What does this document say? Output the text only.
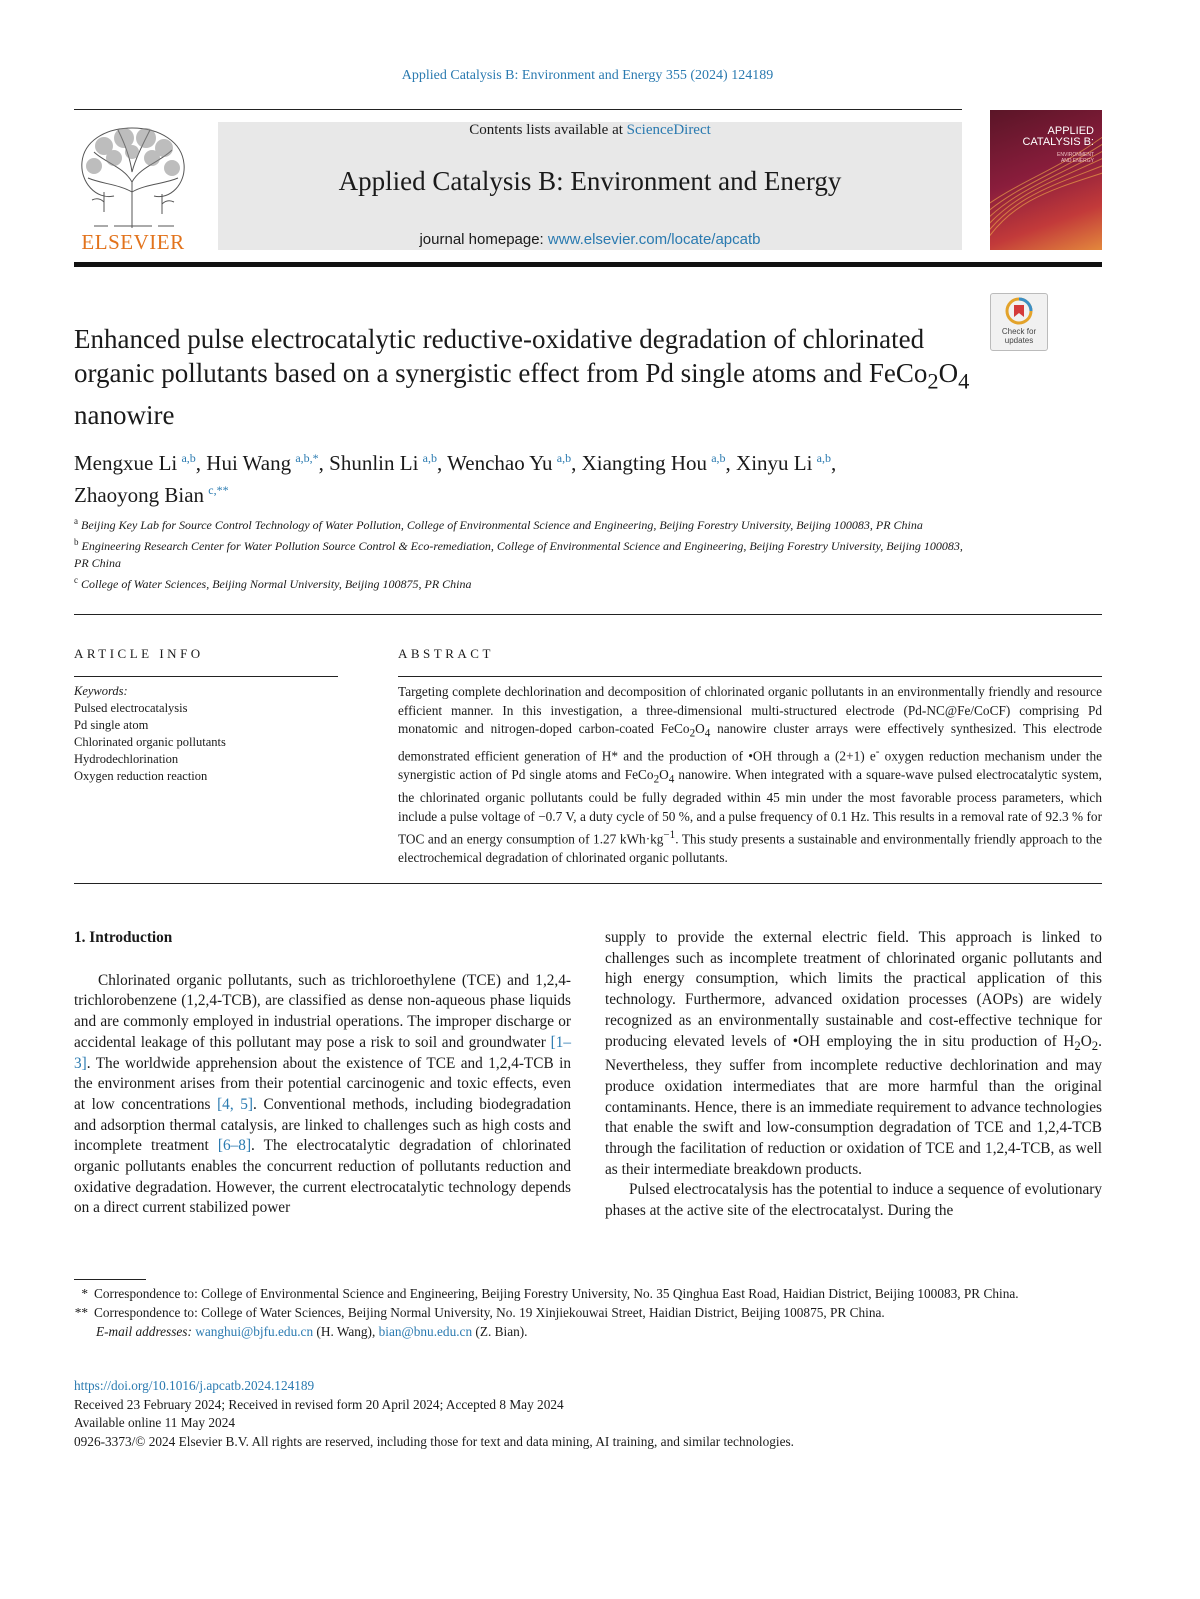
Applied Catalysis B: Environment and Energy 355 (2024) 124189
ELSEVIER
Contents lists available at ScienceDirect
Applied Catalysis B: Environment and Energy
journal homepage: www.elsevier.com/locate/apcatb
APPLIED
CATALYSIS B:
ENVIRONMENT
AND ENERGY
Check for
updates
Enhanced pulse electrocatalytic reductive-oxidative degradation of chlorinated organic pollutants based on a synergistic effect from Pd single atoms and $FeCo_2O_4$ nanowire
Mengxue Li  $^{a,b}$, Hui Wang  $^{a,b,*}$, Shunlin Li  $^{a,b}$, Wenchao Yu  $^{a,b}$, Xiangting Hou  $^{a,b}$, Xinyu Li  $^{a,b}$,
Zhaoyong Bian  $^{c,**}$
$^a$ Beijing Key Lab for Source Control Technology of Water Pollution, College of Environmental Science and Engineering, Beijing Forestry University, Beijing 100083, PR China
$^b$ Engineering Research Center for Water Pollution Source Control & Eco-remediation, College of Environmental Science and Engineering, Beijing Forestry University, Beijing 100083, PR China
$^c$ College of Water Sciences, Beijing Normal University, Beijing 100875, PR China
ARTICLE INFO
Keywords:
Pulsed electrocatalysis
Pd single atom
Chlorinated organic pollutants
Hydrodechlorination
Oxygen reduction reaction
ABSTRACT
Targeting complete dechlorination and decomposition of chlorinated organic pollutants in an environmentally friendly and resource efficient manner. In this investigation, a three-dimensional multi-structured electrode (Pd-NC@Fe/CoCF) comprising Pd monatomic and nitrogen-doped carbon-coated $FeCo_2O_4$ nanowire cluster arrays were effectively synthesized. This electrode demonstrated efficient generation of H* and the production of •OH through a (2+1) e- oxygen reduction mechanism under the synergistic action of Pd single atoms and $FeCo_2O_4$ nanowire. When integrated with a square-wave pulsed electrocatalytic system, the chlorinated organic pollutants could be fully degraded within 45 min under the most favorable process parameters, which include a pulse voltage of −0.7 V, a duty cycle of 50 %, and a pulse frequency of 0.1 Hz. This results in a removal rate of 92.3 % for TOC and an energy consumption of 1.27 $kWh\cdot kg^{-1}$. This study presents a sustainable and environmentally friendly approach to the electrochemical degradation of chlorinated organic pollutants.

1. Introduction

Chlorinated organic pollutants, such as trichloroethylene (TCE) and 1,2,4-trichlorobenzene (1,2,4-TCB), are classified as dense non-aqueous phase liquids and are commonly employed in industrial operations. The improper discharge or accidental leakage of this pollutant may pose a risk to soil and groundwater [1–3]. The worldwide apprehension about the existence of TCE and 1,2,4-TCB in the environment arises from their potential carcinogenic and toxic effects, even at low concentrations [4, 5]. Conventional methods, including biodegradation and adsorption thermal catalysis, are linked to challenges such as high costs and incomplete treatment [6–8]. The electrocatalytic degradation of chlorinated organic pollutants enables the concurrent reduction of pollutants reduction and oxidative degradation. However, the current electrocatalytic technology depends on a direct current stabilized power

supply to provide the external electric field. This approach is linked to challenges such as incomplete treatment of chlorinated organic pollutants and high energy consumption, which limits the practical application of this technology. Furthermore, advanced oxidation processes (AOPs) are widely recognized as an environmentally sustainable and cost-effective technique for producing elevated levels of •OH employing the in situ production of $H_2O_2$. Nevertheless, they suffer from incomplete reductive dechlorination and may produce oxidation intermediates that are more harmful than the original contaminants. Hence, there is an immediate requirement to advance technologies that enable the swift and low-consumption degradation of TCE and 1,2,4-TCB through the facilitation of reduction or oxidation of TCE and 1,2,4-TCB, as well as their intermediate breakdown products.

Pulsed electrocatalysis has the potential to induce a sequence of evolutionary phases at the active site of the electrocatalyst. During the

* Correspondence to: College of Environmental Science and Engineering, Beijing Forestry University, No. 35 Qinghua East Road, Haidian District, Beijing 100083, PR China.
** Correspondence to: College of Water Sciences, Beijing Normal University, No. 19 Xinjiekouwai Street, Haidian District, Beijing 100875, PR China.
E-mail addresses: wanghui@bjfu.edu.cn (H. Wang), bian@bnu.edu.cn (Z. Bian).
https://doi.org/10.1016/j.apcatb.2024.124189
Received 23 February 2024; Received in revised form 20 April 2024; Accepted 8 May 2024
Available online 11 May 2024
0926-3373/© 2024 Elsevier B.V. All rights are reserved, including those for text and data mining, AI training, and similar technologies.
